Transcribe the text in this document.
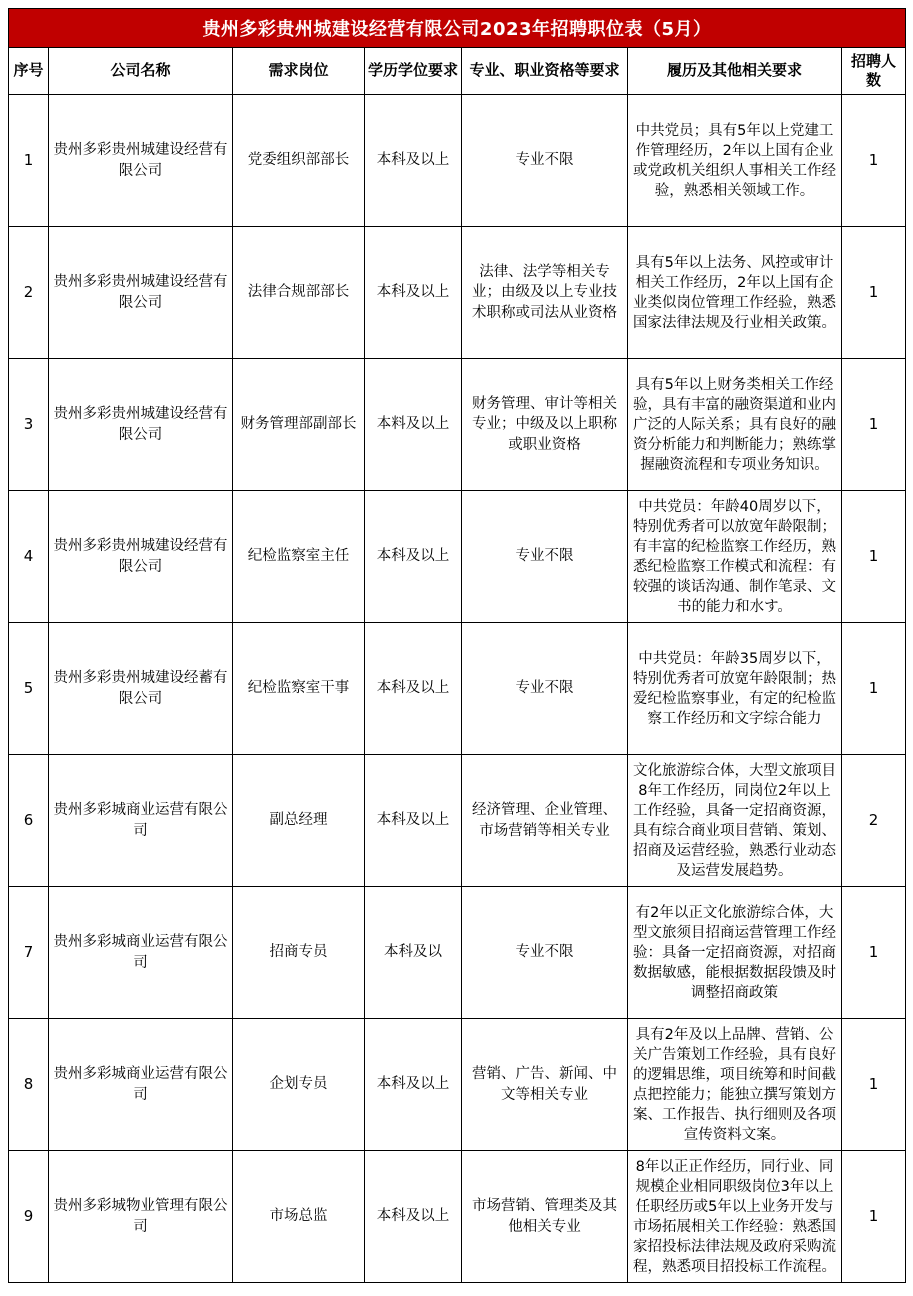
贵州多彩贵州城建设经营有限公司2023年招聘职位表（5月）						
序号	公司名称	需求岗位	学历学位要求	专业、职业资格等要求	履历及其他相关要求	招聘人数
1	贵州多彩贵州城建设经营有限公司	党委组织部部长	本科及以上	专业不限	中共党员；具有5年以上党建工作管理经历，2年以上国有企业或党政机关组织人事相关工作经验，熟悉相关领域工作。	1
2	贵州多彩贵州城建设经营有限公司	法律合规部部长	本科及以上	法律、法学等相关专业；由级及以上专业技术职称或司法从业资格	具有5年以上法务、风控或审计相关工作经历，2年以上国有企业类似岗位管理工作经验，熟悉国家法律法规及行业相关政策。	1
3	贵州多彩贵州城建设经营有限公司	财务管理部副部长	本料及以上	财务管理、审计等相关专业；中级及以上职称或职业资格	具有5年以上财务类相关工作经验，具有丰富的融资渠道和业内广泛的人际关系；具有良好的融资分析能力和判断能力；熟练掌握融资流程和专项业务知识。	1
4	贵州多彩贵州城建设经营有限公司	纪检监察室主任	本科及以上	专业不限	中共党员：年龄40周岁以下，特别优秀者可以放宽年龄限制；有丰富的纪检监察工作经历，熟悉纪检监察工作模式和流程：有较强的谈话沟通、制作笔录、文书的能力和水す。	1
5	贵州多彩贵州城建设经蓄有限公司	纪检监察室干事	本科及以上	专业不限	中共党员：年龄35周岁以下，特别优秀者可放宽年龄限制；热爱纪检监察事业，有定的纪检监察工作经历和文字综合能力	1
6	贵州多彩城商业运营有限公司	副总经理	本科及以上	经济管理、企业管理、市场营销等相关专业	文化旅游综合体，大型文旅项目8年工作经历，同岗位2年以上工作经验，具备一定招商资源，具有综合商业项目营销、策划、招商及运营经验，熟悉行业动态及运营发展趋势。	2
7	贵州多彩城商业运营有限公司	招商专员	本科及以	专业不限	有2年以正文化旅游综合体，大型文旅须目招商运营管理工作经验：具备一定招商资源，对招商数据敏感，能根据数据段馈及时调整招商政策	1
8	贵州多彩城商业运营有限公司	企划专员	本科及以上	营销、广告、新闻、中文等相关专业	具有2年及以上品牌、营销、公关广告策划工作经验，具有良好的逻辑思维，项目统筹和时间截点把控能力；能独立撰写策划方案、工作报告、执行细则及各项宣传资料文案。	1
9	贵州多彩城物业管理有限公司	市场总监	本科及以上	市场营销、管理类及其他相关专业	8年以正正作经历，同行业、同规模企业相同职级岗位3年以上任职经历或5年以上业务开发与市场拓展相关工作经验：熟悉国家招投标法律法规及政府采购流程，熟悉项目招投标工作流程。	1
